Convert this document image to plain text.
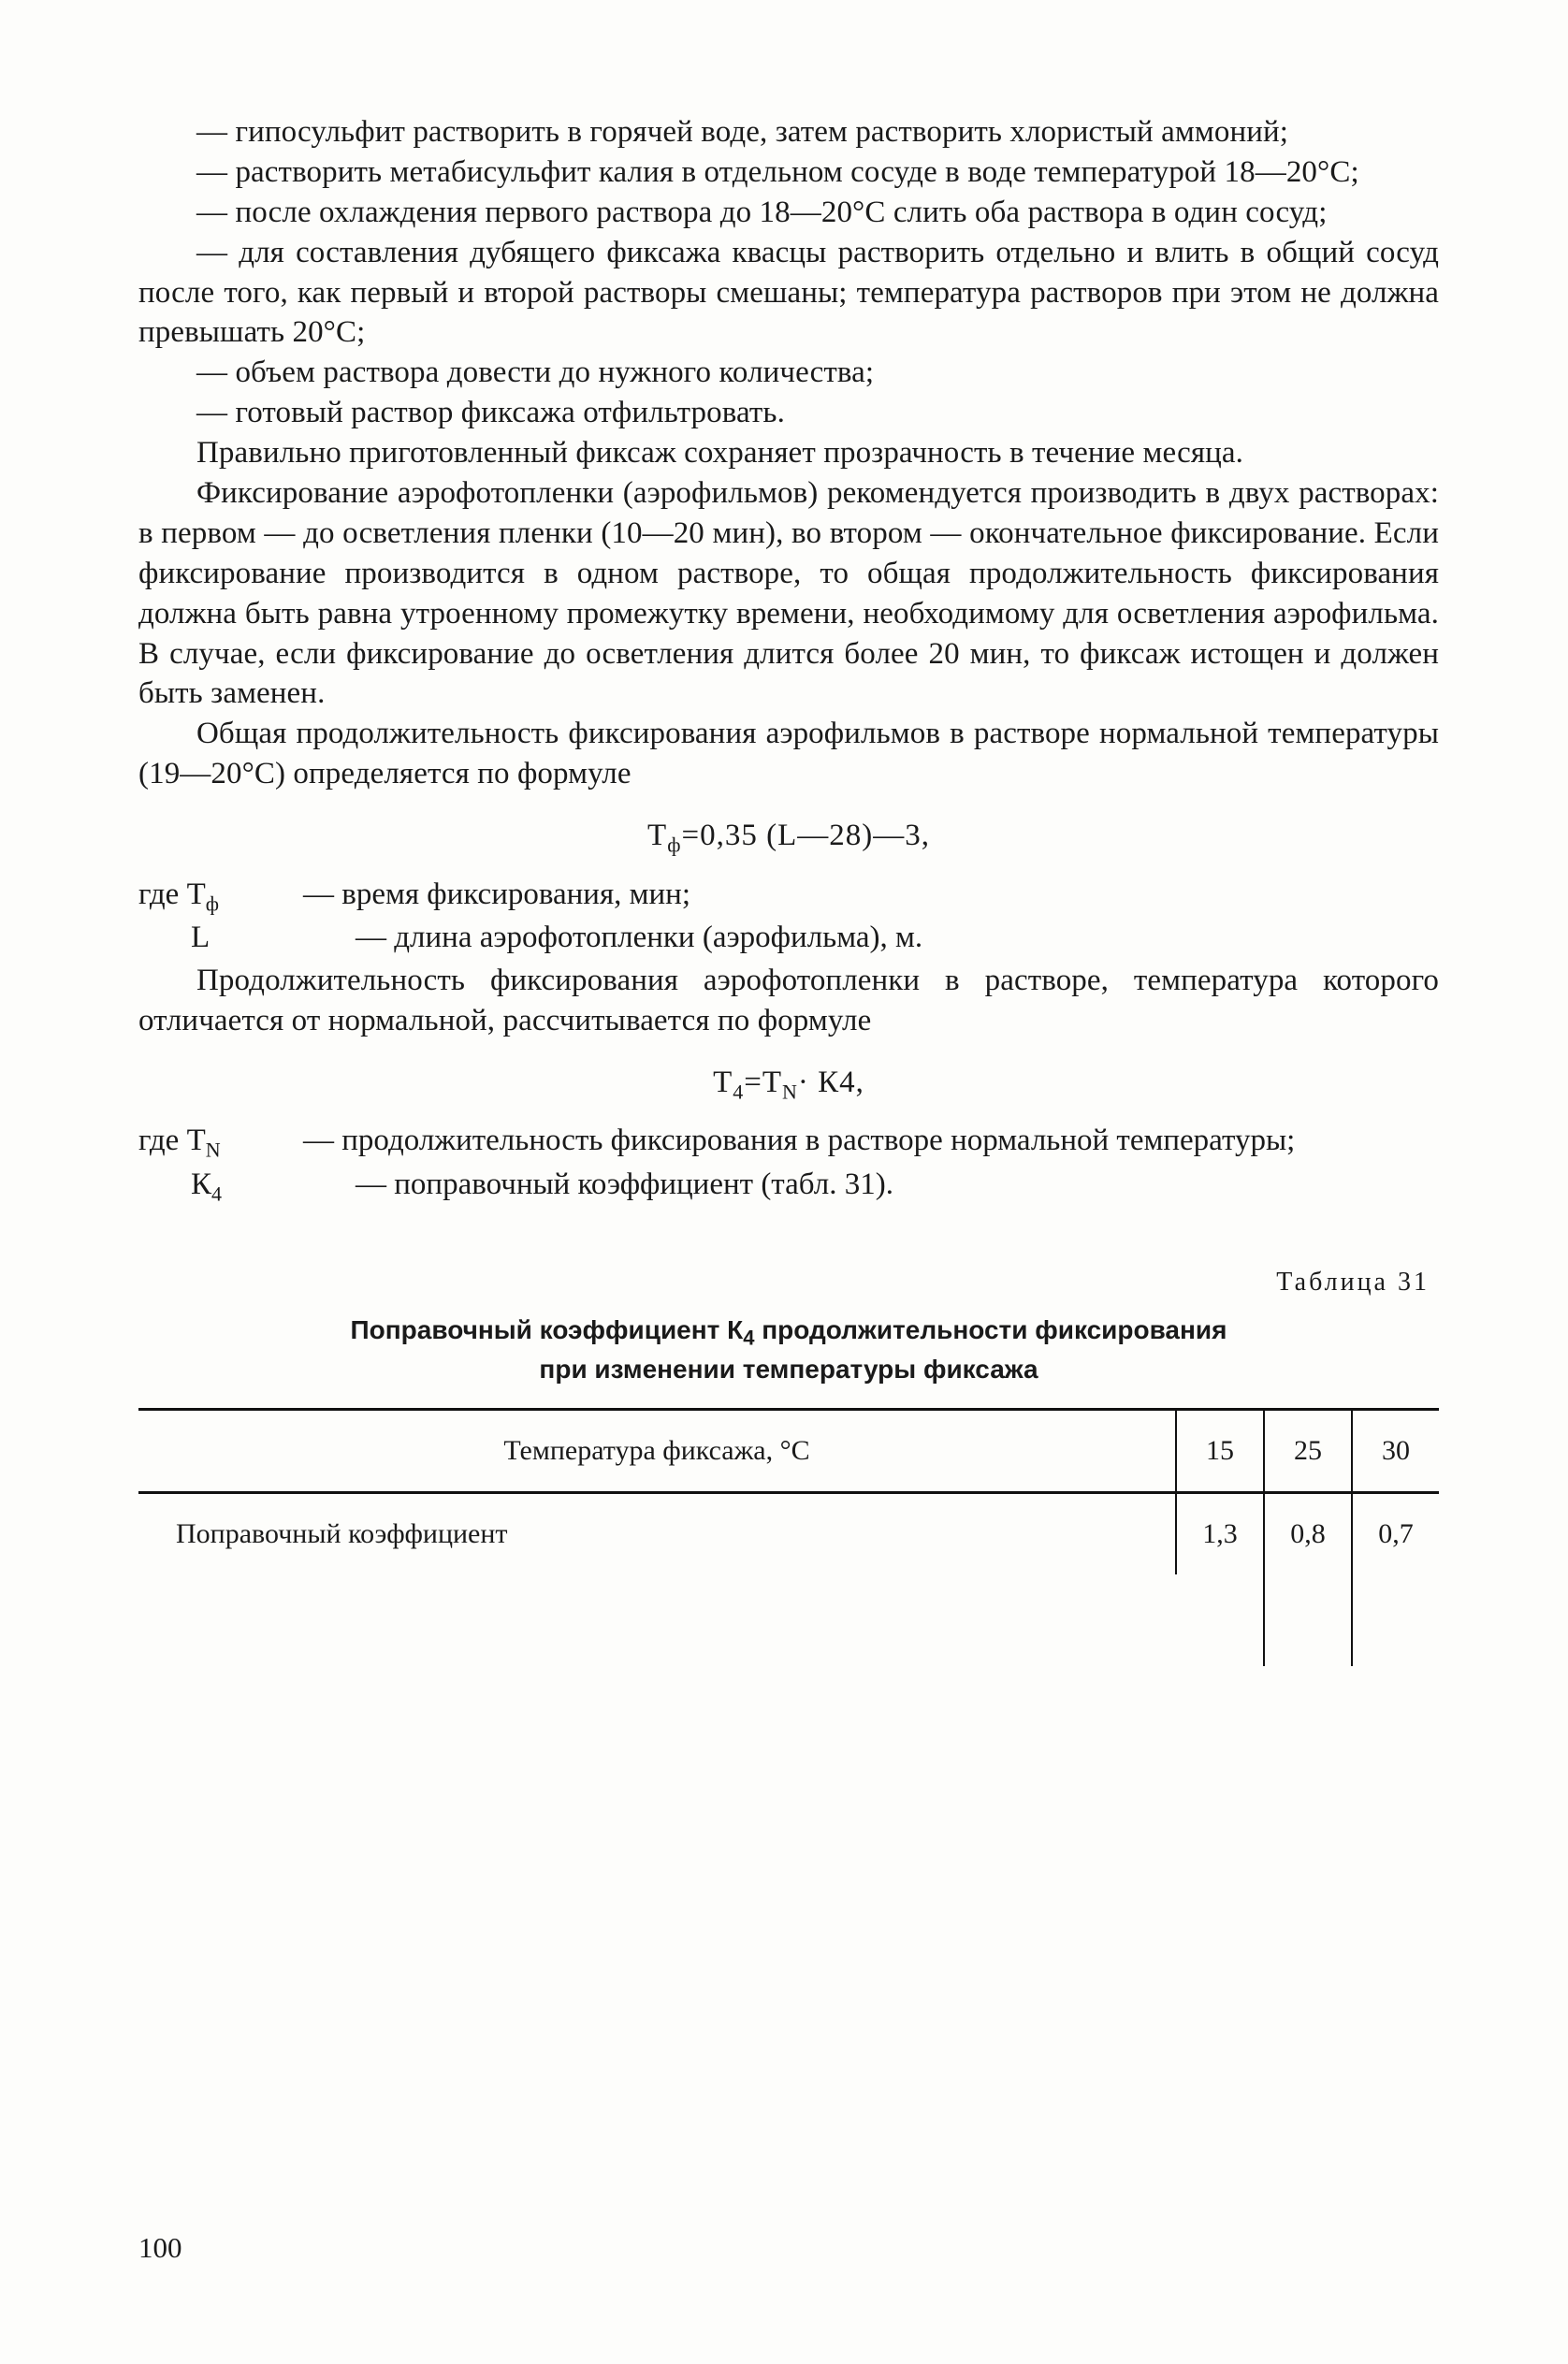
— гипосульфит растворить в горячей воде, затем растворить хлористый аммоний;

— растворить метабисульфит калия в отдельном сосуде в воде температурой 18—20°С;

— после охлаждения первого раствора до 18—20°С слить оба раствора в один сосуд;

— для составления дубящего фиксажа квасцы растворить отдельно и влить в общий сосуд после того, как первый и второй растворы смешаны; температура растворов при этом не должна превышать 20°С;

— объем раствора довести до нужного количества;

— готовый раствор фиксажа отфильтровать.

Правильно приготовленный фиксаж сохраняет прозрачность в течение месяца.

Фиксирование аэрофотопленки (аэрофильмов) рекомендуется производить в двух растворах: в первом — до осветления пленки (10—20 мин), во втором — окончательное фиксирование. Если фиксирование производится в одном растворе, то общая продолжительность фиксирования должна быть равна утроенному промежутку времени, необходимому для осветления аэрофильма. В случае, если фиксирование до осветления длится более 20 мин, то фиксаж истощен и должен быть заменен.

Общая продолжительность фиксирования аэрофильмов в растворе нормальной температуры (19—20°С) определяется по формуле

$Т_ф=0,35$ (L—28)—3,
где $Т_ф$	— время фиксирования, мин;
L	— длина аэрофотопленки (аэрофильма), м.

Продолжительность фиксирования аэрофотопленки в растворе, температура которого отличается от нормальной, рассчитывается по формуле

$Т_4=Т_N\cdot К4$,
где $Т_N$	— продолжительность фиксирования в растворе нормальной температуры;
$К_4$	— поправочный коэффициент (табл. 31).
Таблица 31
Поправочный коэффициент $К_4$ продолжительности фиксирования
при изменении температуры фиксажа
Температура фиксажа, °С	15	25	30
Поправочный коэффициент	1,3	0,8	0,7

100
